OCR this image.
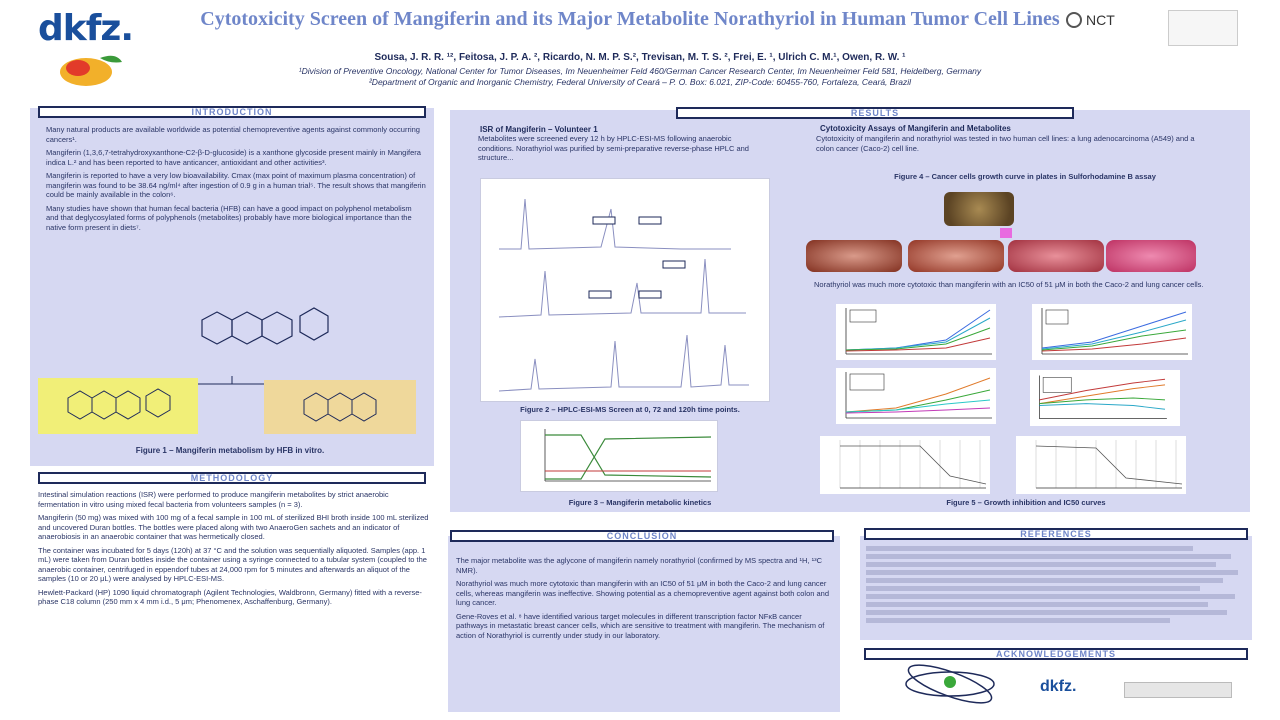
dkfz.	Cytotoxicity Screen of Mangiferin and its Major Metabolite Norathyriol in Human Tumor Cell Lines
Sousa, J. R. R. ¹², Feitosa, J. P. A. ², Ricardo, N. M. P. S.², Trevisan, M. T. S. ², Frei, E. ¹, Ulrich C. M.¹, Owen, R. W. ¹
¹Division of Preventive Oncology, National Center for Tumor Diseases, Im Neuenheimer Feld 460/German Cancer Research Center, Im Neuenheimer Feld 581, Heidelberg, Germany
²Department of Organic and Inorganic Chemistry, Federal University of Ceará – P. O. Box: 6.021, ZIP-Code: 60455-760, Fortaleza, Ceará, Brazil
NCT
INTRODUCTION

Many natural products are available worldwide as potential chemopreventive agents against commonly occurring cancers¹.

Mangiferin (1,3,6,7-tetrahydroxyxanthone-C2-β-D-glucoside) is a xanthone glycoside present mainly in Mangifera indica L.² and has been reported to have anticancer, antioxidant and other activities³.

Mangiferin is reported to have a very low bioavailability. Cmax (max point of maximum plasma concentration) of mangiferin was found to be 38.64 ng/ml⁴ after ingestion of 0.9 g in a human trial⁵. The result shows that mangiferin could be mainly available in the colon⁶.

Many studies have shown that human fecal bacteria (HFB) can have a good impact on polyphenol metabolism and that deglycosylated forms of polyphenols (metabolites) probably have more biological importance than the native form present in diets⁷.

Figure 1 – Mangiferin metabolism by HFB in vitro.
METHODOLOGY

Intestinal simulation reactions (ISR) were performed to produce mangiferin metabolites by strict anaerobic fermentation in vitro using mixed fecal bacteria from volunteers samples (n = 3).

Mangiferin (50 mg) was mixed with 100 mg of a fecal sample in 100 mL of sterilized BHI broth inside 100 mL sterilized and uncovered Duran bottles. The bottles were placed along with two AnaeroGen sachets and an indicator of anaerobiosis in an anaerobic container that was hermetically closed.

The container was incubated for 5 days (120h) at 37 °C and the solution was sequentially aliquoted. Samples (app. 1 mL) were taken from Duran bottles inside the container using a syringe connected to a tubular system (coupled to the anaerobic container, centrifuged in eppendorf tubes at 24,000 rpm for 5 minutes and afterwards an aliquot of the samples (10 or 20 μL) were analysed by HPLC-ESI-MS.

Hewlett-Packard (HP) 1090 liquid chromatograph (Agilent Technologies, Waldbronn, Germany) fitted with a reverse-phase C18 column (250 mm x 4 mm i.d., 5 μm; Phenomenex, Aschaffenburg, Germany).

RESULTS
ISR of Mangiferin – Volunteer 1
Metabolites were screened every 12 h by HPLC-ESI-MS following anaerobic conditions. Norathyriol was purified by semi-preparative reverse-phase HPLC and structure...
Figure 2 – HPLC-ESI-MS Screen at 0, 72 and 120h time points.
Figure 3 – Mangiferin metabolic kinetics
Cytotoxicity Assays of Mangiferin and Metabolites
Cytotoxicity of mangiferin and norathyriol was tested in two human cell lines: a lung adenocarcinoma (A549) and a colon cancer (Caco-2) cell line.
Figure 4 – Cancer cells growth curve in plates in Sulforhodamine B assay
Norathyriol was much more cytotoxic than mangiferin with an IC50 of 51 μM in both the Caco-2 and lung cancer cells.
Figure 5 – Growth inhibition and IC50 curves
CONCLUSION

The major metabolite was the aglycone of mangiferin namely norathyriol (confirmed by MS spectra and ¹H, ¹³C NMR).

Norathyriol was much more cytotoxic than mangiferin with an IC50 of 51 μM in both the Caco-2 and lung cancer cells, whereas mangiferin was ineffective. Showing potential as a chemopreventive agent against both colon and lung cancer.

Gene-Roves et al. ⁸ have identified various target molecules in different transcription factor NFκB cancer pathways in metastatic breast cancer cells, which are sensitive to treatment with mangiferin. The mechanism of action of Norathyriol is currently under study in our laboratory.

REFERENCES
ACKNOWLEDGEMENTS
dkfz.
